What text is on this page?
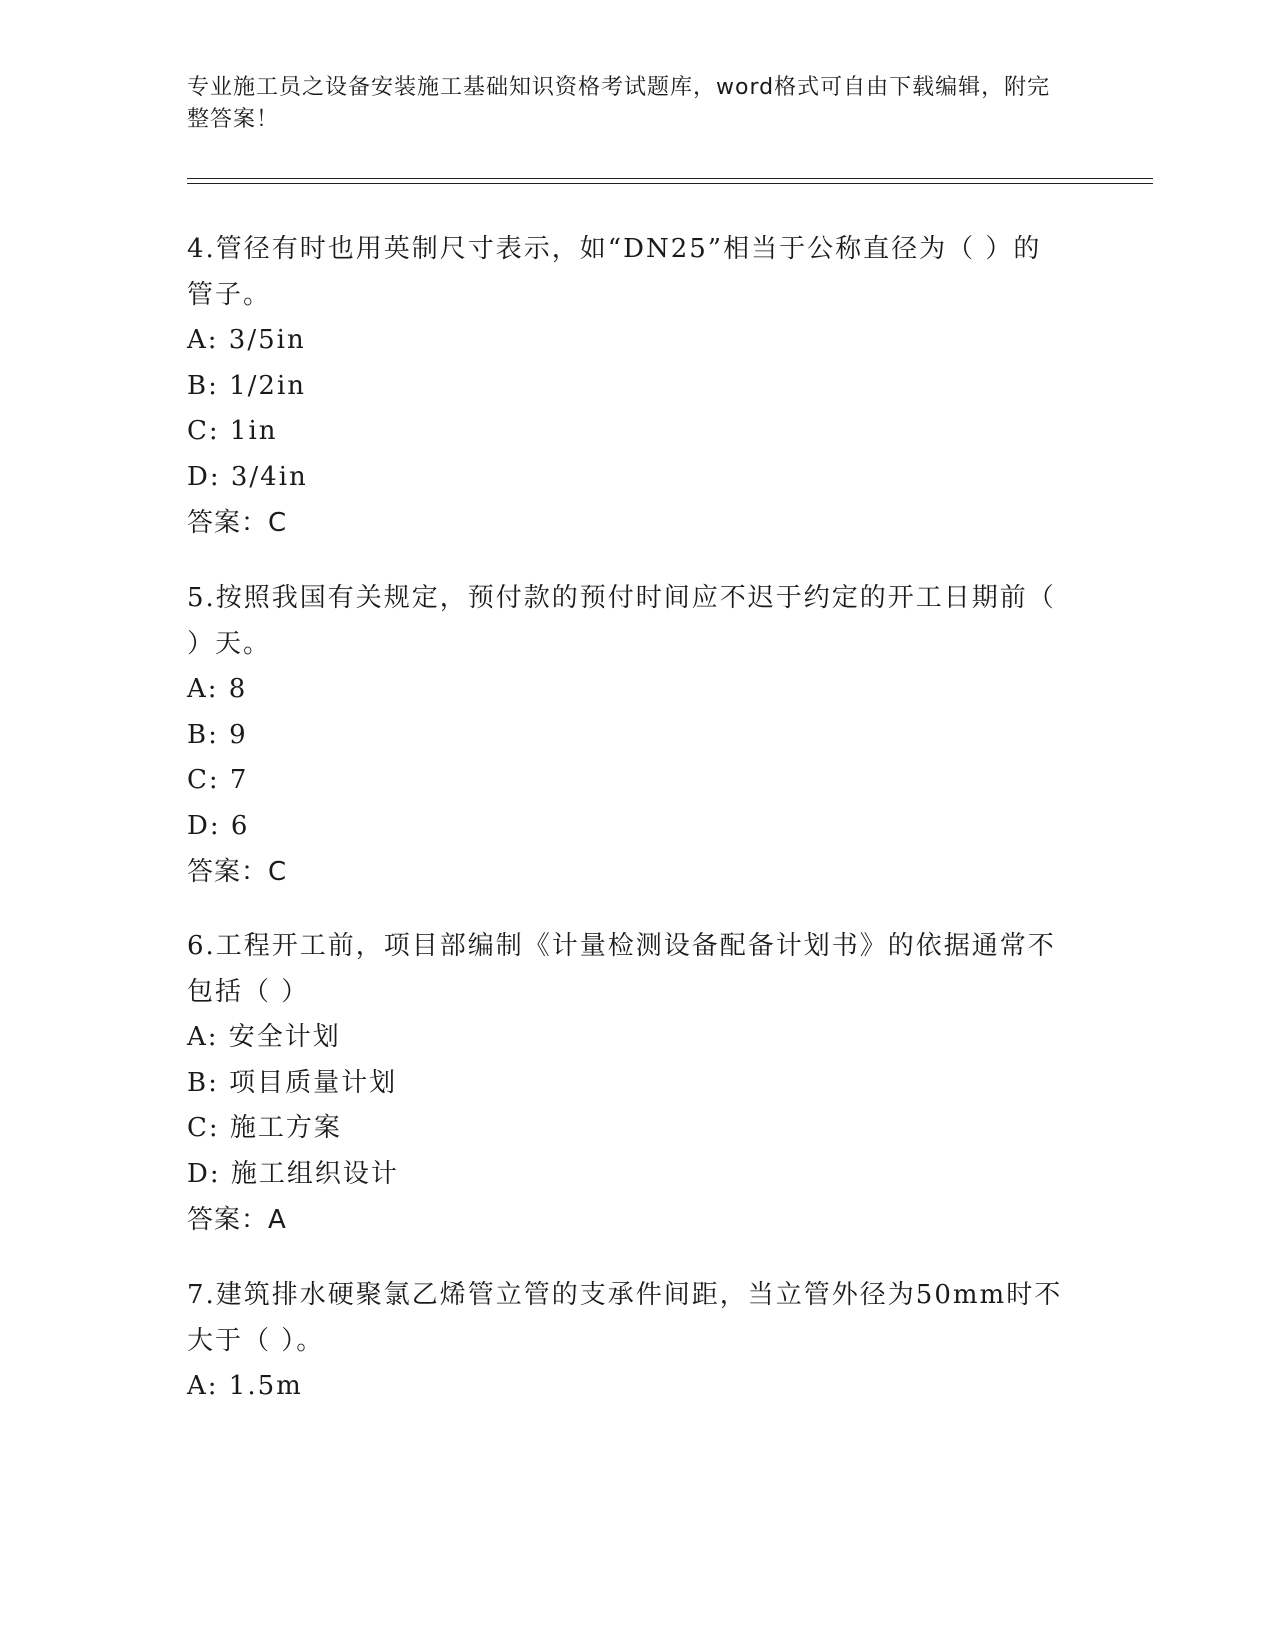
专业施工员之设备安装施工基础知识资格考试题库，word格式可自由下载编辑，附完整答案！

4.管径有时也用英制尺寸表示，如“DN25”相当于公称直径为（ ）的管子。

A: 3/5in

B: 1/2in

C: 1in

D: 3/4in

答案：C

5.按照我国有关规定，预付款的预付时间应不迟于约定的开工日期前（ ）天。

A: 8

B: 9

C: 7

D: 6

答案：C

6.工程开工前，项目部编制《计量检测设备配备计划书》的依据通常不包括（ ）

A: 安全计划

B: 项目质量计划

C: 施工方案

D: 施工组织设计

答案：A

7.建筑排水硬聚氯乙烯管立管的支承件间距，当立管外径为50mm时不大于（ ）。

A: 1.5m
